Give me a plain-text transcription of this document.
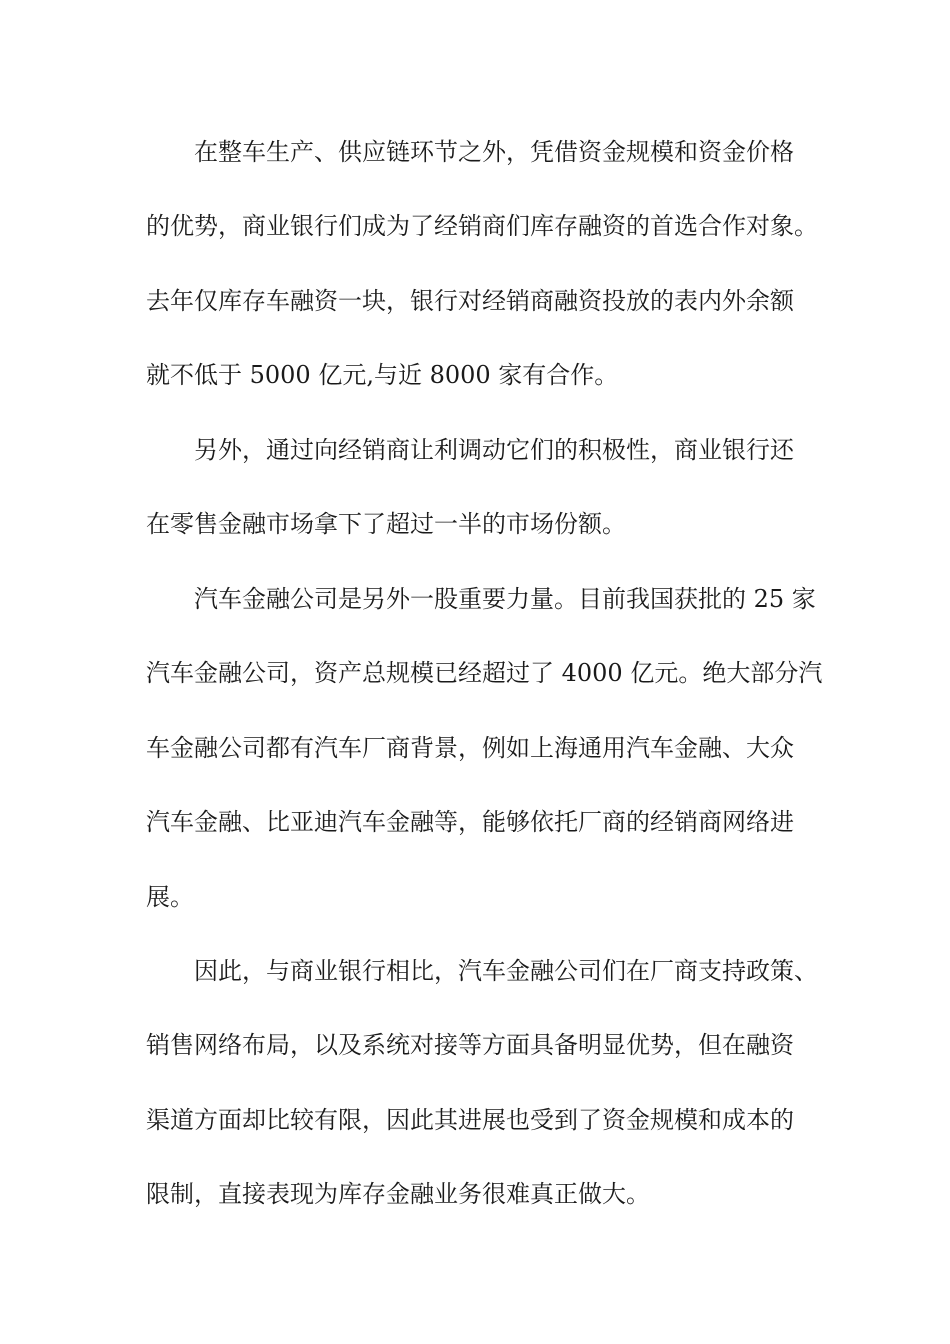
在整车生产、供应链环节之外，凭借资金规模和资金价格
的优势，商业银行们成为了经销商们库存融资的首选合作对象。
去年仅库存车融资一块，银行对经销商融资投放的表内外余额
就不低于 5000 亿元,与近 8000 家有合作。
另外，通过向经销商让利调动它们的积极性，商业银行还
在零售金融市场拿下了超过一半的市场份额。
汽车金融公司是另外一股重要力量。目前我国获批的 25 家
汽车金融公司，资产总规模已经超过了 4000 亿元。绝大部分汽
车金融公司都有汽车厂商背景，例如上海通用汽车金融、大众
汽车金融、比亚迪汽车金融等，能够依托厂商的经销商网络进
展。
因此，与商业银行相比，汽车金融公司们在厂商支持政策、
销售网络布局，以及系统对接等方面具备明显优势，但在融资
渠道方面却比较有限，因此其进展也受到了资金规模和成本的
限制，直接表现为库存金融业务很难真正做大。
